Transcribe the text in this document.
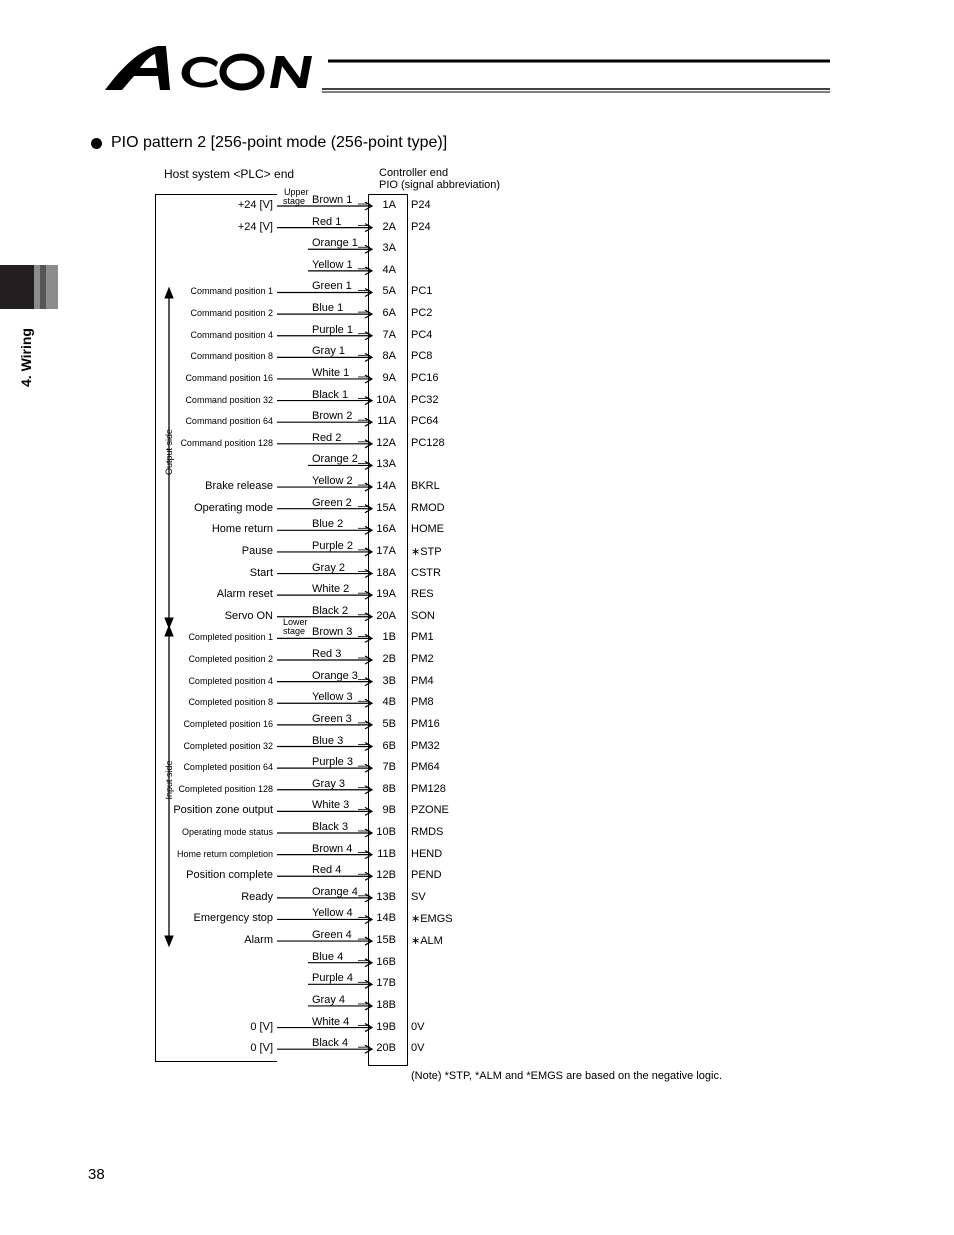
4. Wiring
PIO pattern 2 [256-point mode (256-point type)]
Host system <PLC> end	Controller end
PIO (signal abbreviation)
Upper
stage
Lower
stage
Output side
Input side
+24 [V]	Brown 1	1A P24
+24 [V]	Red 1	2A P24
Orange 1	3A
Yellow 1	4A
Command position 1	Green 1	5A PC1
Command position 2	Blue 1	6A PC2
Command position 4	Purple 1	7A PC4
Command position 8	Gray 1	8A PC8
Command position 16	White 1	9A PC16
Command position 32	Black 1	10A PC32
Command position 64	Brown 2	11A PC64
Command position 128	Red 2	12A PC128
Orange 2	13A
Brake release	Yellow 2	14A BKRL
Operating mode	Green 2	15A RMOD
Home return	Blue 2	16A HOME
Pause	Purple 2	17A ∗STP
Start	Gray 2	18A CSTR
Alarm reset	White 2	19A RES
Servo ON	Black 2	20A SON
Completed position 1	Brown 3	1B PM1
Completed position 2	Red 3	2B PM2
Completed position 4	Orange 3	3B PM4
Completed position 8	Yellow 3	4B PM8
Completed position 16	Green 3	5B PM16
Completed position 32	Blue 3	6B PM32
Completed position 64	Purple 3	7B PM64
Completed position 128	Gray 3	8B PM128
Position zone output	White 3	9B PZONE
Operating mode status	Black 3	10B RMDS
Home return completion	Brown 4	11B HEND
Position complete	Red 4	12B PEND
Ready	Orange 4	13B SV
Emergency stop	Yellow 4	14B ∗EMGS
Alarm	Green 4	15B ∗ALM
Blue 4	16B
Purple 4	17B
Gray 4	18B
0 [V]	White 4	19B 0V
0 [V]	Black 4	20B 0V
(Note) *STP, *ALM and *EMGS are based on the negative logic.
38
